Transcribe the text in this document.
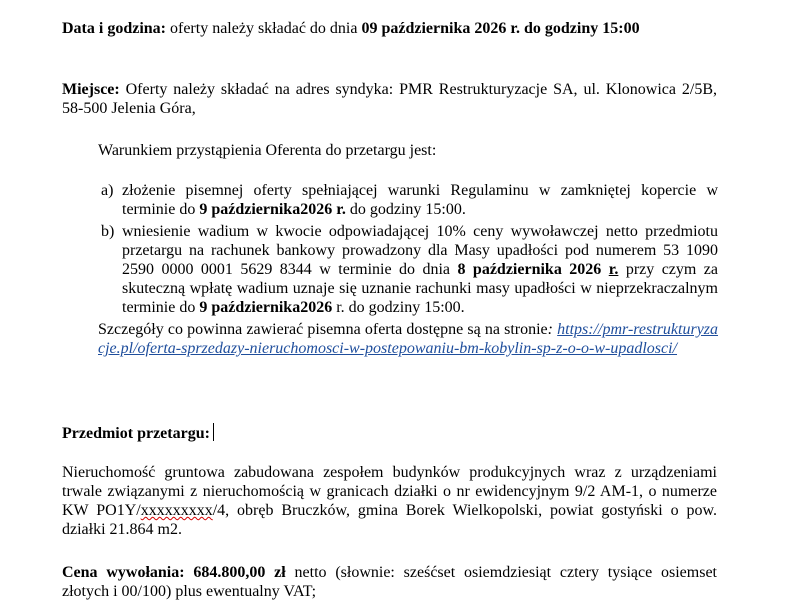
Data i godzina: oferty należy składać do dnia 09 października 2026 r. do godziny 15:00

Miejsce: Oferty należy składać na adres syndyka: PMR Restrukturyzacje SA, ul. Klonowica 2/5B, 58-500 Jelenia Góra,

Warunkiem przystąpienia Oferenta do przetargu jest:

a) złożenie pisemnej oferty spełniającej warunki Regulaminu w zamkniętej kopercie w terminie do 9 października2026 r. do godziny 15:00.
b) wniesienie wadium w kwocie odpowiadającej 10% ceny wywoławczej netto przedmiotu przetargu na rachunek bankowy prowadzony dla Masy upadłości pod numerem 53 1090 2590 0000 0001 5629 8344 w terminie do dnia 8 października 2026 r. przy czym za skuteczną wpłatę wadium uznaje się uznanie rachunki masy upadłości w nieprzekraczalnym terminie do 9 października2026 r. do godziny 15:00.

Szczegóły co powinna zawierać pisemna oferta dostępne są na stronie: https://pmr-restrukturyzacje.pl/oferta-sprzedazy-nieruchomosci-w-postepowaniu-bm-kobylin-sp-z-o-o-w-upadlosci/

Przedmiot przetargu:

Nieruchomość gruntowa zabudowana zespołem budynków produkcyjnych wraz z urządzeniami trwale związanymi z nieruchomością w granicach działki o nr ewidencyjnym 9/2 AM-1, o numerze KW PO1Y/xxxxxxxxx/4, obręb Bruczków, gmina Borek Wielkopolski, powiat gostyński o pow. działki 21.864 m2.

Cena wywołania: 684.800,00 zł netto (słownie: sześćset osiemdziesiąt cztery tysiące osiemset złotych i 00/100) plus ewentualny VAT;
